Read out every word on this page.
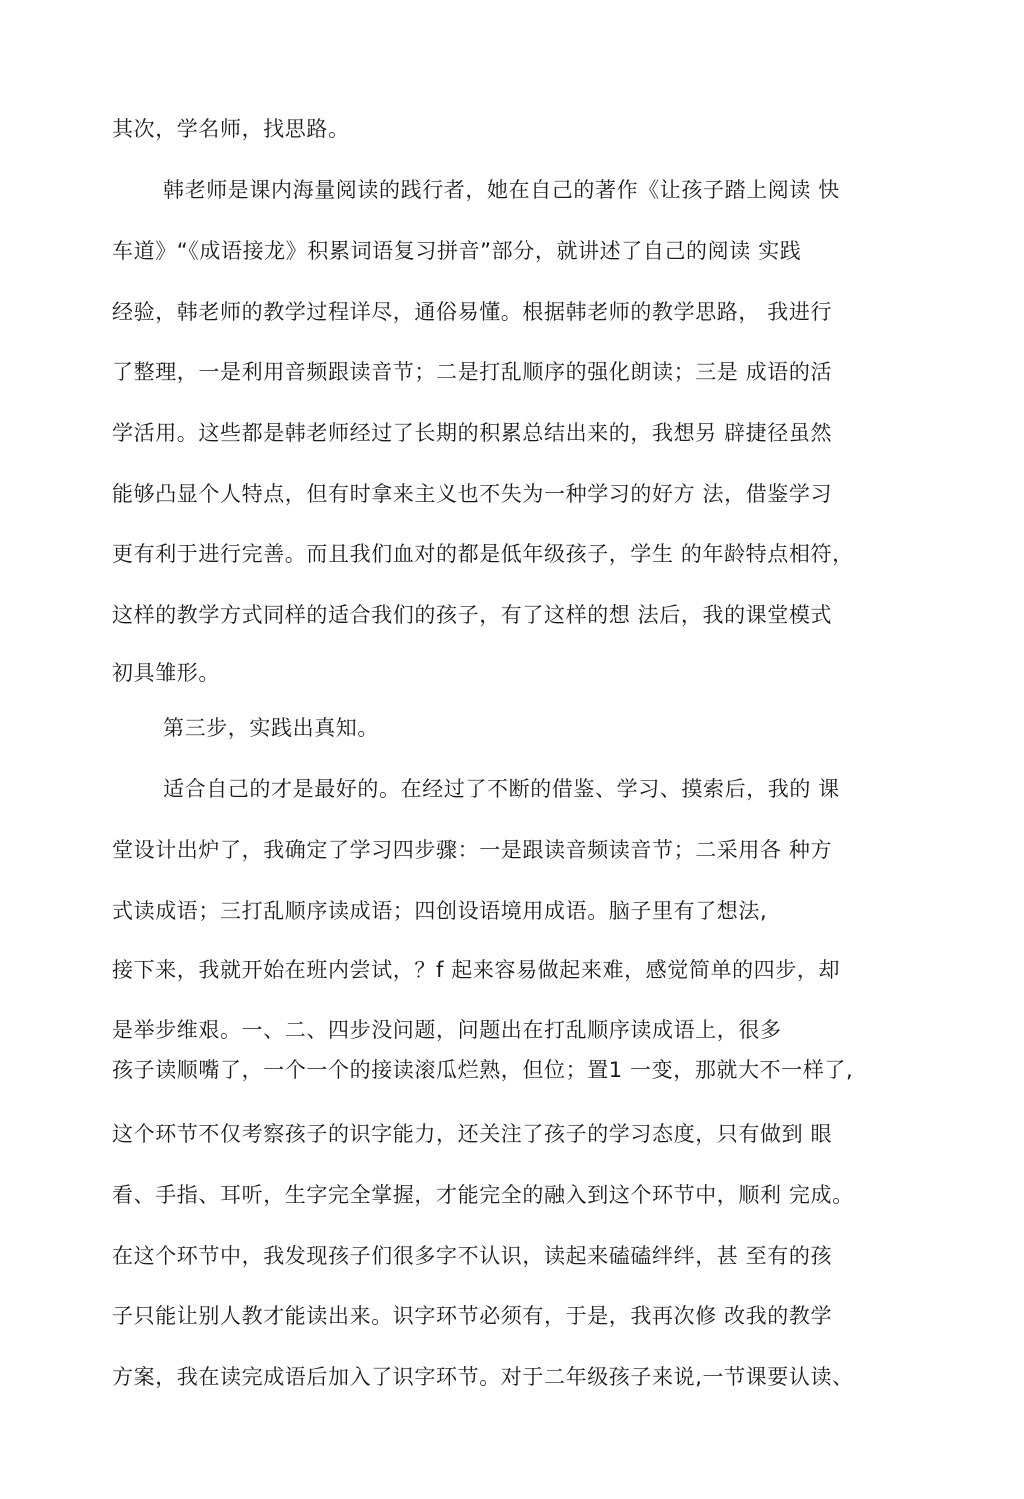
其次，学名师，找思路。
韩老师是课内海量阅读的践行者，她在自己的著作《让孩子踏上阅读 快
车道》“《成语接龙》积累词语复习拼音”部分，就讲述了自己的阅读 实践
经验，韩老师的教学过程详尽，通俗易懂。根据韩老师的教学思路， 我进行
了整理，一是利用音频跟读音节；二是打乱顺序的强化朗读；三是 成语的活
学活用。这些都是韩老师经过了长期的积累总结出来的，我想另 辟捷径虽然
能够凸显个人特点，但有时拿来主义也不失为一种学习的好方 法，借鉴学习
更有利于进行完善。而且我们血对的都是低年级孩子，学生 的年龄特点相符，
这样的教学方式同样的适合我们的孩子，有了这样的想 法后，我的课堂模式
初具雏形。
第三步，实践出真知。
适合自己的才是最好的。在经过了不断的借鉴、学习、摸索后，我的 课
堂设计出炉了，我确定了学习四步骤：一是跟读音频读音节；二采用各 种方
式读成语；三打乱顺序读成语；四创设语境用成语。脑子里有了想法,
接下来，我就开始在班内尝试，？f 起来容易做起来难，感觉简单的四步，却
是举步维艰。一、二、四步没问题，问题出在打乱顺序读成语上，很多
孩子读顺嘴了，一个一个的接读滚瓜烂熟，但位；置1 一变，那就大不一样了,
这个环节不仅考察孩子的识字能力，还关注了孩子的学习态度，只有做到 眼
看、手指、耳听，生字完全掌握，才能完全的融入到这个环节中，顺利 完成。
在这个环节中，我发现孩子们很多字不认识，读起来磕磕绊绊，甚 至有的孩
子只能让别人教才能读出来。识字环节必须有，于是，我再次修 改我的教学
方案，我在读完成语后加入了识字环节。对于二年级孩子来说,一节课要认读、
